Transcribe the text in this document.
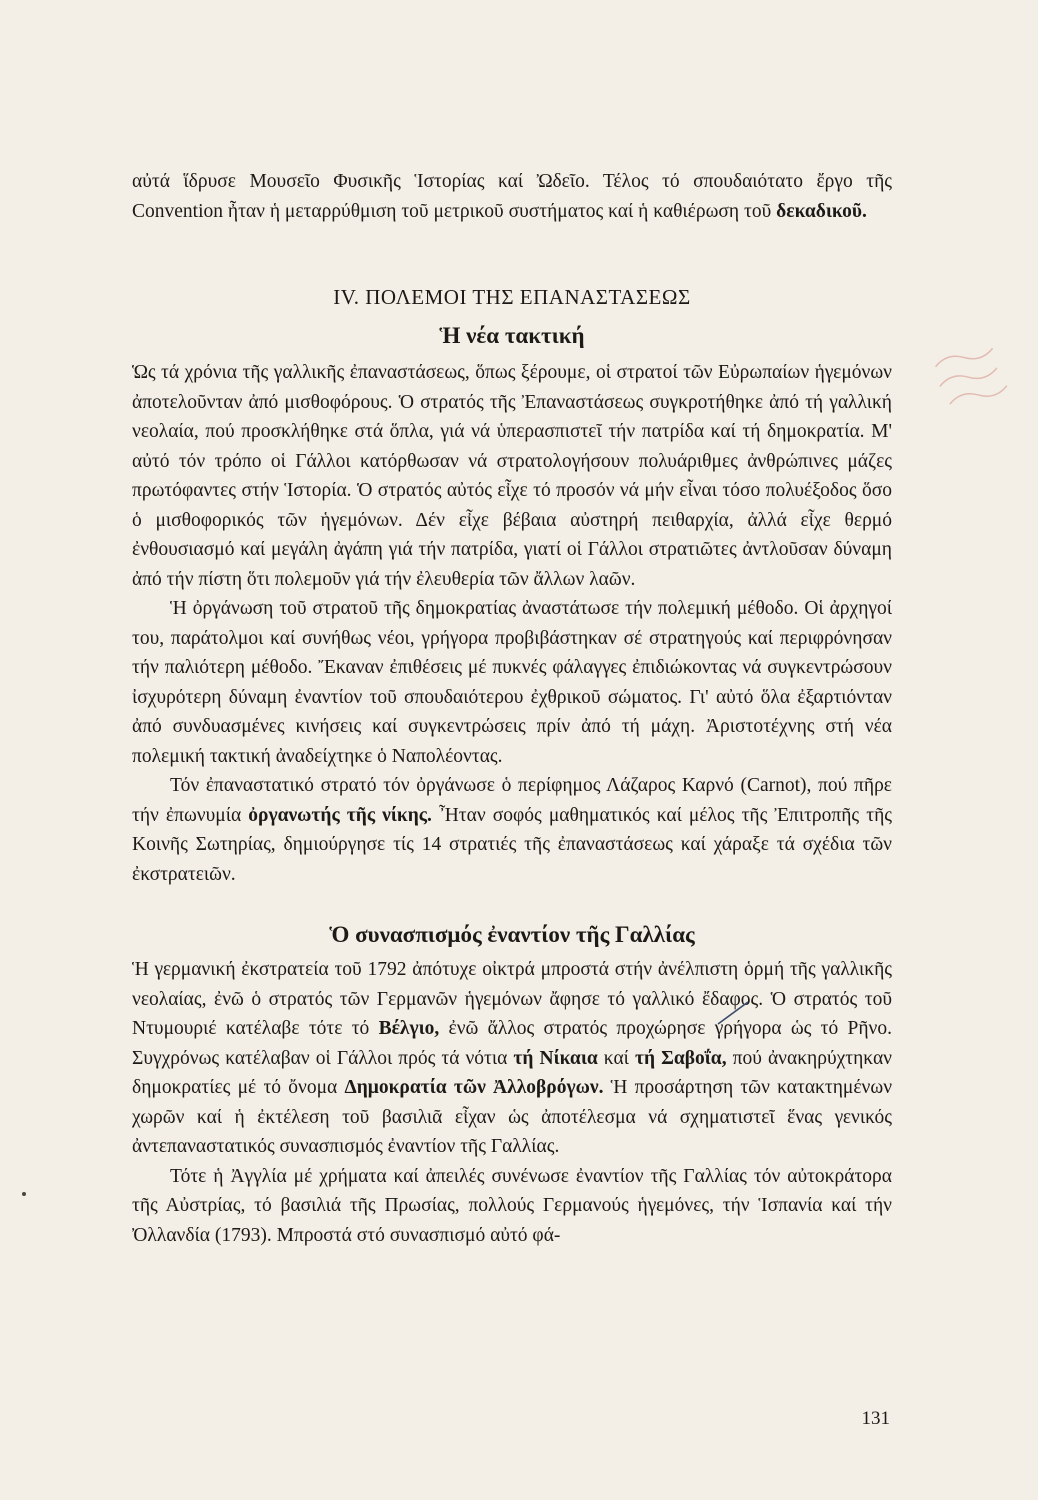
αὐτά ἵδρυσε Μουσεῖο Φυσικῆς Ἱστορίας καί Ὠδεῖο. Τέλος τό σπουδαιότατο ἔργο τῆς Convention ἦταν ἡ μεταρρύθμιση τοῦ μετρικοῦ συστήματος καί ἡ καθιέρωση τοῦ δεκαδικοῦ.

IV. ΠΟΛΕΜΟΙ ΤΗΣ ΕΠΑΝΑΣΤΑΣΕΩΣ
Ἡ νέα τακτική

Ὡς τά χρόνια τῆς γαλλικῆς ἐπαναστάσεως, ὅπως ξέρουμε, οἱ στρατοί τῶν Εὐρωπαίων ἡγεμόνων ἀποτελοῦνταν ἀπό μισθοφόρους. Ὁ στρατός τῆς Ἐπαναστάσεως συγκροτήθηκε ἀπό τή γαλλική νεολαία, πού προσκλήθηκε στά ὅπλα, γιά νά ὑπερασπιστεῖ τήν πατρίδα καί τή δημοκρατία. Μ' αὐτό τόν τρόπο οἱ Γάλλοι κατόρθωσαν νά στρατολογήσουν πολυάριθμες ἀνθρώπινες μάζες πρωτόφαντες στήν Ἱστορία. Ὁ στρατός αὐτός εἶχε τό προσόν νά μήν εἶναι τόσο πολυέξοδος ὅσο ὁ μισθοφορικός τῶν ἡγεμόνων. Δέν εἶχε βέβαια αὐστηρή πειθαρχία, ἀλλά εἶχε θερμό ἐνθουσιασμό καί μεγάλη ἀγάπη γιά τήν πατρίδα, γιατί οἱ Γάλλοι στρατιῶτες ἀντλοῦσαν δύναμη ἀπό τήν πίστη ὅτι πολεμοῦν γιά τήν ἐλευθερία τῶν ἄλλων λαῶν.

Ἡ ὀργάνωση τοῦ στρατοῦ τῆς δημοκρατίας ἀναστάτωσε τήν πολεμική μέθοδο. Οἱ ἀρχηγοί του, παράτολμοι καί συνήθως νέοι, γρήγορα προβιβάστηκαν σέ στρατηγούς καί περιφρόνησαν τήν παλιότερη μέθοδο. Ἔκαναν ἐπιθέσεις μέ πυκνές φάλαγγες ἐπιδιώκοντας νά συγκεντρώσουν ἰσχυρότερη δύναμη ἐναντίον τοῦ σπουδαιότερου ἐχθρικοῦ σώματος. Γι' αὐτό ὅλα ἐξαρτιόνταν ἀπό συνδυασμένες κινήσεις καί συγκεντρώσεις πρίν ἀπό τή μάχη. Ἀριστοτέχνης στή νέα πολεμική τακτική ἀναδείχτηκε ὁ Ναπολέοντας.

Τόν ἐπαναστατικό στρατό τόν ὀργάνωσε ὁ περίφημος Λάζαρος Καρνό (Carnot), πού πῆρε τήν ἐπωνυμία ὀργανωτής τῆς νίκης. Ἦταν σοφός μαθηματικός καί μέλος τῆς Ἐπιτροπῆς τῆς Κοινῆς Σωτηρίας, δημιούργησε τίς 14 στρατιές τῆς ἐπαναστάσεως καί χάραξε τά σχέδια τῶν ἐκστρατειῶν.

Ὁ συνασπισμός ἐναντίον τῆς Γαλλίας

Ἡ γερμανική ἐκστρατεία τοῦ 1792 ἀπότυχε οἰκτρά μπροστά στήν ἀνέλπιστη ὁρμή τῆς γαλλικῆς νεολαίας, ἐνῶ ὁ στρατός τῶν Γερμανῶν ἡγεμόνων ἄφησε τό γαλλικό ἔδαφος. Ὁ στρατός τοῦ Ντυμουριέ κατέλαβε τότε τό Βέλγιο, ἐνῶ ἄλλος στρατός προχώρησε γρήγορα ὡς τό Ρῆνο. Συγχρόνως κατέλαβαν οἱ Γάλλοι πρός τά νότια τή Νίκαια καί τή Σαβοΐα, πού ἀνακηρύχτηκαν δημοκρατίες μέ τό ὄνομα Δημοκρατία τῶν Ἀλλοβρόγων. Ἡ προσάρτηση τῶν κατακτημένων χωρῶν καί ἡ ἐκτέλεση τοῦ βασιλιᾶ εἶχαν ὡς ἀποτέλεσμα νά σχηματιστεῖ ἕνας γενικός ἀντεπαναστατικός συνασπισμός ἐναντίον τῆς Γαλλίας.

Τότε ἡ Ἀγγλία μέ χρήματα καί ἀπειλές συνένωσε ἐναντίον τῆς Γαλλίας τόν αὐτοκράτορα τῆς Αὐστρίας, τό βασιλιά τῆς Πρωσίας, πολλούς Γερμανούς ἡγεμόνες, τήν Ἱσπανία καί τήν Ὀλλανδία (1793). Μπροστά στό συνασπισμό αὐτό φά-

131
